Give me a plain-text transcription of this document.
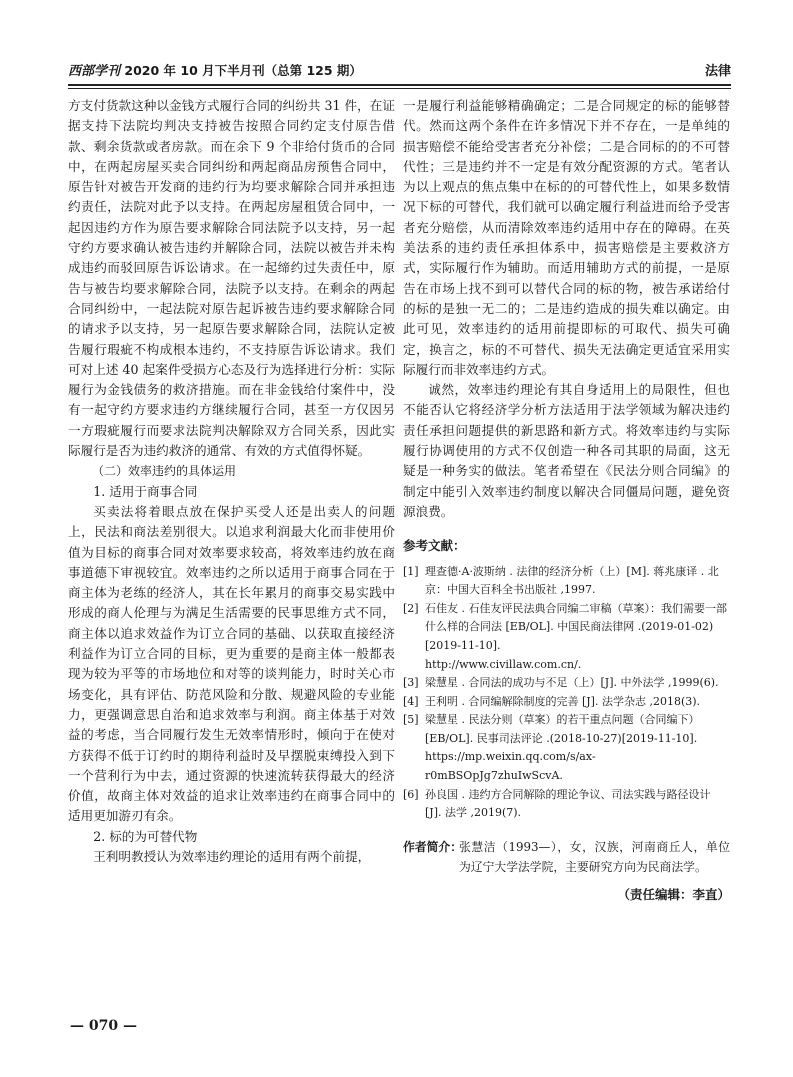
西部学刊 2020 年 10 月下半月刊（总第 125 期）	法律

方支付货款这种以金钱方式履行合同的纠纷共 31 件，在证据支持下法院均判决支持被告按照合同约定支付原告借款、剩余货款或者房款。而在余下 9 个非给付货币的合同中，在两起房屋买卖合同纠纷和两起商品房预售合同中，原告针对被告开发商的违约行为均要求解除合同并承担违约责任，法院对此予以支持。在两起房屋租赁合同中，一起因违约方作为原告要求解除合同法院予以支持，另一起守约方要求确认被告违约并解除合同，法院以被告并未构成违约而驳回原告诉讼请求。在一起缔约过失责任中，原告与被告均要求解除合同，法院予以支持。在剩余的两起合同纠纷中，一起法院对原告起诉被告违约要求解除合同的请求予以支持，另一起原告要求解除合同，法院认定被告履行瑕疵不构成根本违约，不支持原告诉讼请求。我们可对上述 40 起案件受损方心态及行为选择进行分析：实际履行为金钱债务的救济措施。而在非金钱给付案件中，没有一起守约方要求违约方继续履行合同，甚至一方仅因另一方瑕疵履行而要求法院判决解除双方合同关系，因此实际履行是否为违约救济的通常、有效的方式值得怀疑。

（二）效率违约的具体运用

1. 适用于商事合同

买卖法将着眼点放在保护买受人还是出卖人的问题上，民法和商法差别很大。以追求利润最大化而非使用价值为目标的商事合同对效率要求较高，将效率违约放在商事道德下审视较宜。效率违约之所以适用于商事合同在于商主体为老练的经济人，其在长年累月的商事交易实践中形成的商人伦理与为满足生活需要的民事思维方式不同，商主体以追求效益作为订立合同的基础、以获取直接经济利益作为订立合同的目标，更为重要的是商主体一般都表现为较为平等的市场地位和对等的谈判能力，时时关心市场变化，具有评估、防范风险和分散、规避风险的专业能力，更强调意思自治和追求效率与利润。商主体基于对效益的考虑，当合同履行发生无效率情形时，倾向于在使对方获得不低于订约时的期待利益时及早摆脱束缚投入到下一个营利行为中去，通过资源的快速流转获得最大的经济价值，故商主体对效益的追求让效率违约在商事合同中的适用更加游刃有余。

2. 标的为可替代物

王利明教授认为效率违约理论的适用有两个前提，

一是履行利益能够精确确定；二是合同规定的标的能够替代。然而这两个条件在许多情况下并不存在，一是单纯的损害赔偿不能给受害者充分补偿；二是合同标的的不可替代性；三是违约并不一定是有效分配资源的方式。笔者认为以上观点的焦点集中在标的的可替代性上，如果多数情况下标的可替代，我们就可以确定履行利益进而给予受害者充分赔偿，从而清除效率违约适用中存在的障碍。在英美法系的违约责任承担体系中，损害赔偿是主要救济方式，实际履行作为辅助。而适用辅助方式的前提，一是原告在市场上找不到可以替代合同的标的物，被告承诺给付的标的是独一无二的；二是违约造成的损失难以确定。由此可见，效率违约的适用前提即标的可取代、损失可确定，换言之，标的不可替代、损失无法确定更适宜采用实际履行而非效率违约方式。

诚然，效率违约理论有其自身适用上的局限性，但也不能否认它将经济学分析方法适用于法学领域为解决违约责任承担问题提供的新思路和新方式。将效率违约与实际履行协调使用的方式不仅创造一种各司其职的局面，这无疑是一种务实的做法。笔者希望在《民法分则合同编》的制定中能引入效率违约制度以解决合同僵局问题，避免资源浪费。

参考文献：
[1] 理查德·A·波斯纳 . 法律的经济分析（上）[M]. 蒋兆康译 . 北京：中国大百科全书出版社 ,1997.
[2] 石佳友 . 石佳友评民法典合同编二审稿（草案）：我们需要一部什么样的合同法 [EB/OL]. 中国民商法律网 .(2019-01-02)[2019-11-10].
http://www.civillaw.com.cn/.
[3] 梁慧星 . 合同法的成功与不足（上）[J]. 中外法学 ,1999(6).
[4] 王利明 . 合同编解除制度的完善 [J]. 法学杂志 ,2018(3).
[5] 梁慧星 . 民法分则（草案）的若干重点问题（合同编下）[EB/OL]. 民事司法评论 .(2018-10-27)[2019-11-10].
https://mp.weixin.qq.com/s/ax-r0mBSOpJg7zhuIwScvA.
[6] 孙良国 . 违约方合同解除的理论争议、司法实践与路径设计 [J]. 法学 ,2019(7).
作者简介：
张慧洁（1993—），女，汉族，河南商丘人，单位为辽宁大学法学院，主要研究方向为民商法学。
（责任编辑：李直）
— 070 —
